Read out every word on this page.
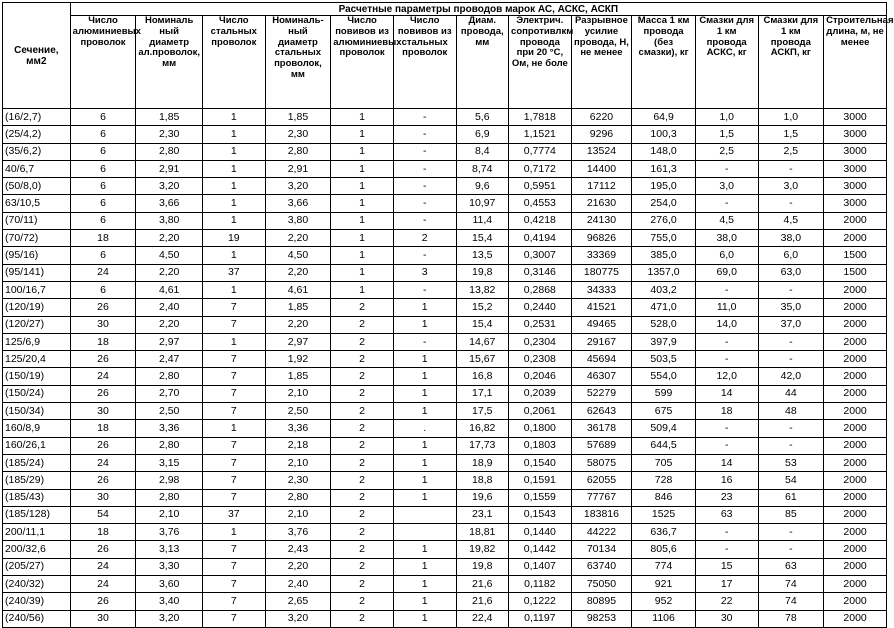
Сечение, мм2	Расчетные параметры проводов марок АС, АСКС, АСКП												
	Число алюминиевых проволок	Номиналь ный диаметр ал.проволок, мм	Число стальных проволок	Номиналь-ный диаметр стальных проволок, мм	Число повивов из алюминиевых проволок	Число повивов из стальных проволок	Диам. провода, мм	Электрич. сопротивлкм провода при 20 °С, Ом, не боле	Разрывное усилие провода, Н, не менее	Масса 1 км провода (без смазки), кг	Смазки для 1 км провода АСКС, кг	Смазки для 1 км провода АСКП, кг	Строительная длина, м, не менее
(16/2,7)	6	1,85	1	1,85	1	-	5,6	1,7818	6220	64,9	1,0	1,0	3000
(25/4,2)	6	2,30	1	2,30	1	-	6,9	1,1521	9296	100,3	1,5	1,5	3000
(35/6,2)	6	2,80	1	2,80	1	-	8,4	0,7774	13524	148,0	2,5	2,5	3000
40/6,7	6	2,91	1	2,91	1	-	8,74	0,7172	14400	161,3	-	-	3000
(50/8,0)	6	3,20	1	3,20	1	-	9,6	0,5951	17112	195,0	3,0	3,0	3000
63/10,5	6	3,66	1	3,66	1	-	10,97	0,4553	21630	254,0	-	-	3000
(70/11)	6	3,80	1	3,80	1	-	11,4	0,4218	24130	276,0	4,5	4,5	2000
(70/72)	18	2,20	19	2,20	1	2	15,4	0,4194	96826	755,0	38,0	38,0	2000
(95/16)	6	4,50	1	4,50	1	-	13,5	0,3007	33369	385,0	6,0	6,0	1500
(95/141)	24	2,20	37	2,20	1	3	19,8	0,3146	180775	1357,0	69,0	63,0	1500
100/16,7	6	4,61	1	4,61	1	-	13,82	0,2868	34333	403,2	-	-	2000
(120/19)	26	2,40	7	1,85	2	1	15,2	0,2440	41521	471,0	11,0	35,0	2000
(120/27)	30	2,20	7	2,20	2	1	15,4	0,2531	49465	528,0	14,0	37,0	2000
125/6,9	18	2,97	1	2,97	2	-	14,67	0,2304	29167	397,9	-	-	2000
125/20,4	26	2,47	7	1,92	2	1	15,67	0,2308	45694	503,5	-	-	2000
(150/19)	24	2,80	7	1,85	2	1	16,8	0,2046	46307	554,0	12,0	42,0	2000
(150/24)	26	2,70	7	2,10	2	1	17,1	0,2039	52279	599	14	44	2000
(150/34)	30	2,50	7	2,50	2	1	17,5	0,2061	62643	675	18	48	2000
160/8,9	18	3,36	1	3,36	2	.	16,82	0,1800	36178	509,4	-	-	2000
160/26,1	26	2,80	7	2,18	2	1	17,73	0,1803	57689	644,5	-	-	2000
(185/24)	24	3,15	7	2,10	2	1	18,9	0,1540	58075	705	14	53	2000
(185/29)	26	2,98	7	2,30	2	1	18,8	0,1591	62055	728	16	54	2000
(185/43)	30	2,80	7	2,80	2	1	19,6	0,1559	77767	846	23	61	2000
(185/128)	54	2,10	37	2,10	2		23,1	0,1543	183816	1525	63	85	2000
200/11,1	18	3,76	1	3,76	2		18,81	0,1440	44222	636,7	-	-	2000
200/32,6	26	3,13	7	2,43	2	1	19,82	0,1442	70134	805,6	-	-	2000
(205/27)	24	3,30	7	2,20	2	1	19,8	0,1407	63740	774	15	63	2000
(240/32)	24	3,60	7	2,40	2	1	21,6	0,1182	75050	921	17	74	2000
(240/39)	26	3,40	7	2,65	2	1	21,6	0,1222	80895	952	22	74	2000
(240/56)	30	3,20	7	3,20	2	1	22,4	0,1197	98253	1106	30	78	2000
